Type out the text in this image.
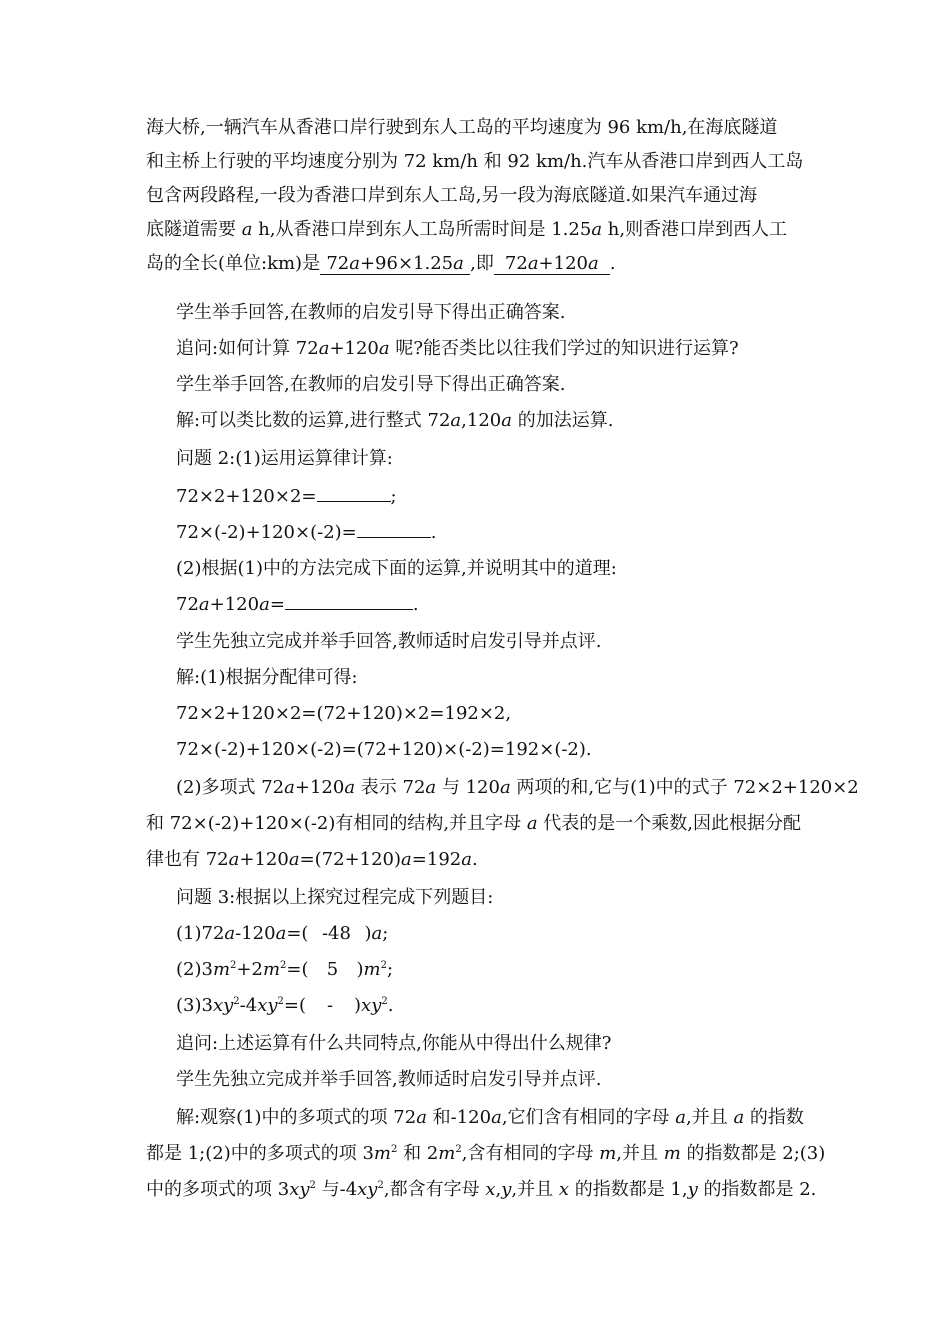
海大桥,一辆汽车从香港口岸行驶到东人工岛的平均速度为 96 km/h,在海底隧道
和主桥上行驶的平均速度分别为 72 km/h 和 92 km/h.汽车从香港口岸到西人工岛
包含两段路程,一段为香港口岸到东人工岛,另一段为海底隧道.如果汽车通过海
底隧道需要 a h,从香港口岸到东人工岛所需时间是 1.25a h,则香港口岸到西人工
岛的全长(单位:km)是 72a+96×1.25a ,即 72a+120a .
学生举手回答,在教师的启发引导下得出正确答案.
追问:如何计算 72a+120a 呢?能否类比以往我们学过的知识进行运算?
学生举手回答,在教师的启发引导下得出正确答案.
解:可以类比数的运算,进行整式 72a,120a 的加法运算.
问题 2:(1)运用运算律计算:
72×2+120×2=	;
72×(-2)+120×(-2)=	.
(2)根据(1)中的方法完成下面的运算,并说明其中的道理:
72a+120a=	.
学生先独立完成并举手回答,教师适时启发引导并点评.
解:(1)根据分配律可得:
72×2+120×2=(72+120)×2=192×2,
72×(-2)+120×(-2)=(72+120)×(-2)=192×(-2).
(2)多项式 72a+120a 表示 72a 与 120a 两项的和,它与(1)中的式子 72×2+120×2
和 72×(-2)+120×(-2)有相同的结构,并且字母 a 代表的是一个乘数,因此根据分配
律也有 72a+120a=(72+120)a=192a.
问题 3:根据以上探究过程完成下列题目:
(1)72a-120a=( -48 )a;
$(2)3m^2+2m^2=$( 5 )$m^2$;
$(3)3xy^2-4xy^2=( - )xy^2$.
追问:上述运算有什么共同特点,你能从中得出什么规律?
学生先独立完成并举手回答,教师适时启发引导并点评.
解:观察(1)中的多项式的项 72a 和-120a,它们含有相同的字母 a,并且 a 的指数
都是 1;(2)中的多项式的项 $3m^2$ 和 $2m^2$,含有相同的字母 m,并且 m 的指数都是 2;(3)
中的多项式的项 $3xy^2$ 与$-4xy^2$,都含有字母 x,y,并且 x 的指数都是 1,y 的指数都是 2.
